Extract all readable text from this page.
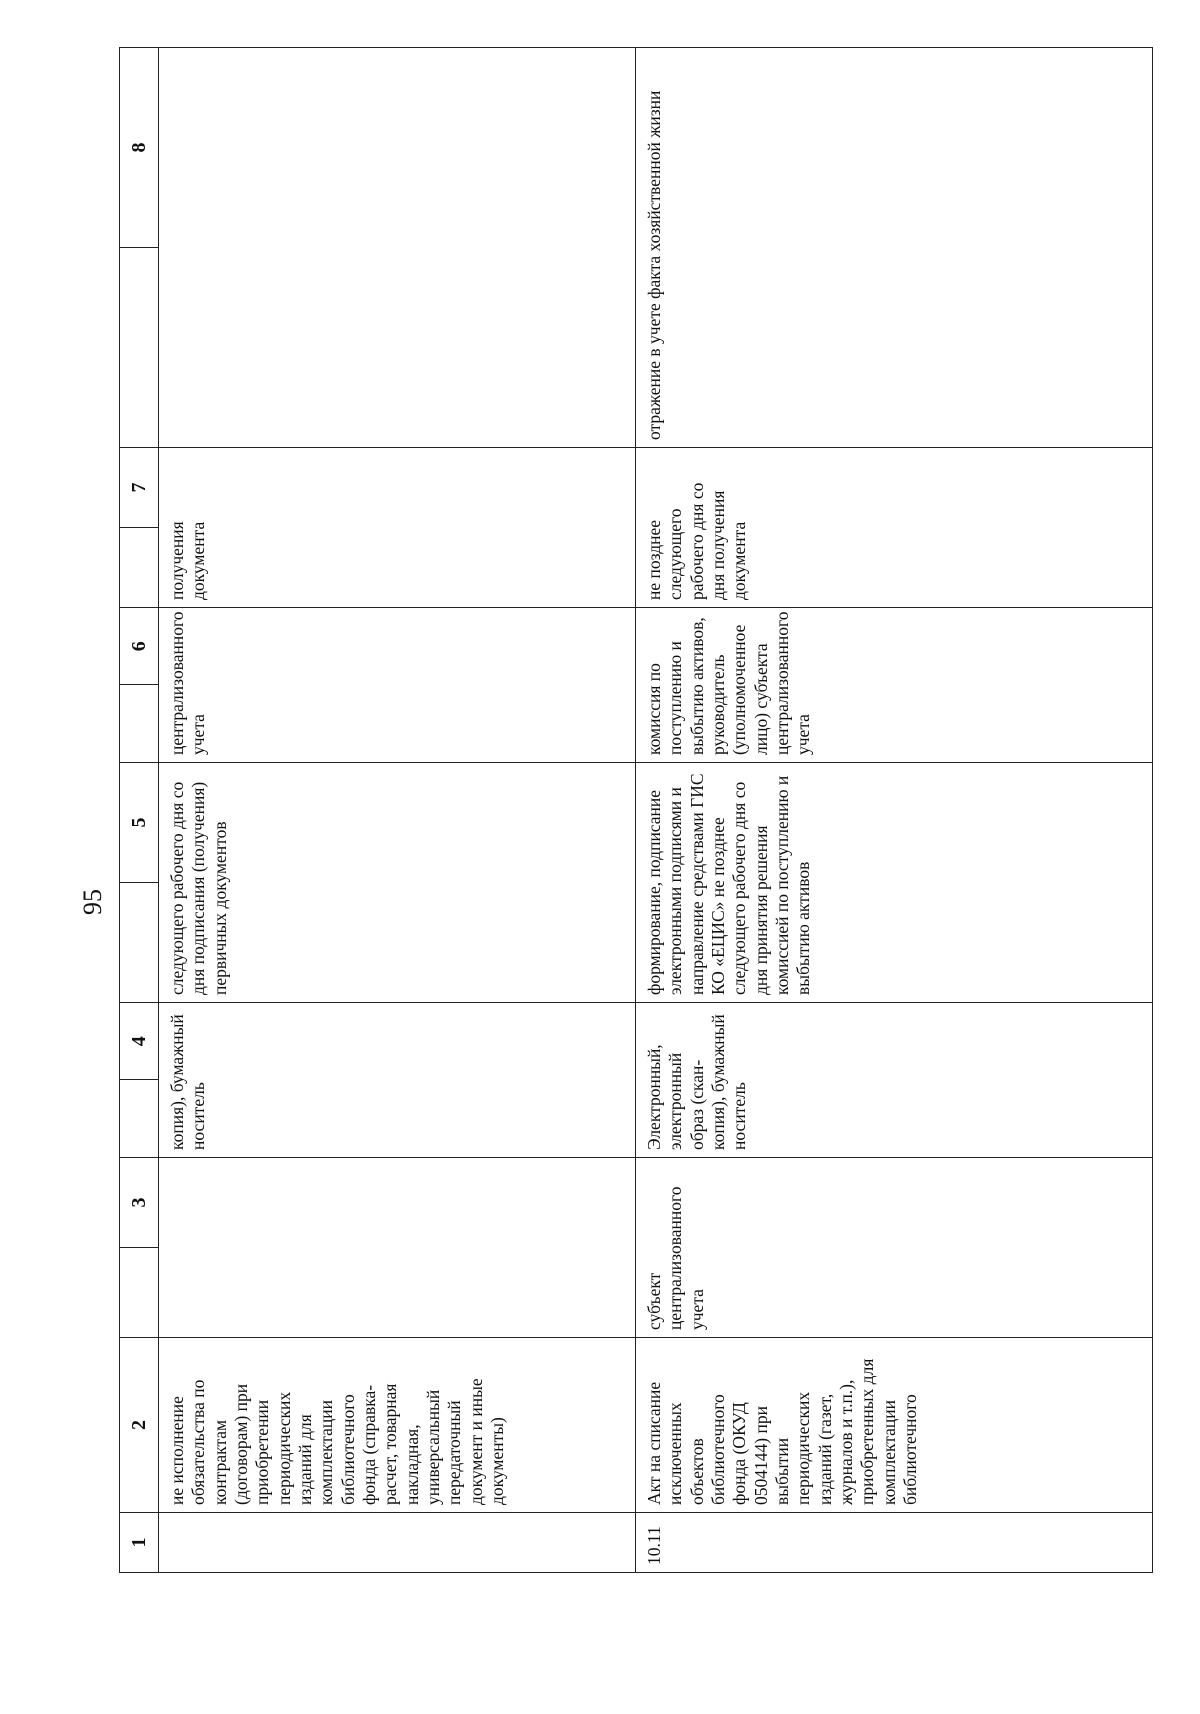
95
1	2	3	4	5	6	7	8

	ие исполнение обязательства по контрактам (договорам) при приобретении периодических изданий для комплектации библиотечного фонда (справка-расчет, товарная накладная, универсальный передаточный документ и иные документы)		копия), бумажный носитель	следующего рабочего дня со дня подписания (получения) первичных документов	централизованного учета	получения документа	
10.11	Акт на списание исключенных объектов библиотечного фонда (ОКУД 0504144) при выбытии периодических изданий (газет, журналов и т.п.), приобретенных для комплектации библиотечного	субъект централизованного учета	Электронный, электронный образ (скан-копия), бумажный носитель	формирование, подписание электронными подписями и направление средствами ГИС КО «ЕЦИС» не позднее следующего рабочего дня со дня принятия решения комиссией по поступлению и выбытию активов	комиссия по поступлению и выбытию активов, руководитель (уполномоченное лицо) субъекта централизованного учета	не позднее следующего рабочего дня со дня получения документа	отражение в учете факта хозяйственной жизни
